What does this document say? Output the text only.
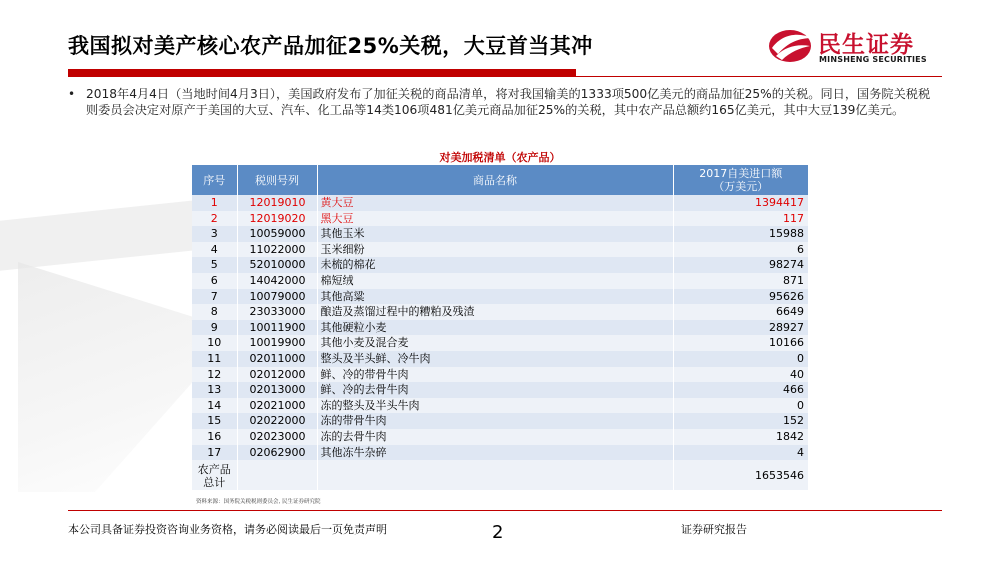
我国拟对美产核心农产品加征25%关税，大豆首当其冲	民生证券
MINSHENG SECURITIES
• 2018年4月4日（当地时间4月3日），美国政府发布了加征关税的商品清单，将对我国输美的1333项500亿美元的商品加征25%的关税。同日，国务院关税税则委员会决定对原产于美国的大豆、汽车、化工品等14类106项481亿美元商品加征25%的关税，其中农产品总额约165亿美元，其中大豆139亿美元。
对美加税清单（农产品）
序号	税则号列	商品名称	2017自美进口额
（万美元）

1	12019010	黄大豆	1394417
2	12019020	黑大豆	117
3	10059000	其他玉米	15988
4	11022000	玉米细粉	6
5	52010000	未梳的棉花	98274
6	14042000	棉短绒	871
7	10079000	其他高粱	95626
8	23033000	酿造及蒸馏过程中的糟粕及残渣	6649
9	10011900	其他硬粒小麦	28927
10	10019900	其他小麦及混合麦	10166
11	02011000	整头及半头鲜、冷牛肉	0
12	02012000	鲜、冷的带骨牛肉	40
13	02013000	鲜、冷的去骨牛肉	466
14	02021000	冻的整头及半头牛肉	0
15	02022000	冻的带骨牛肉	152
16	02023000	冻的去骨牛肉	1842
17	02062900	其他冻牛杂碎	4

农产品
总计			1653546
资料来源：国务院关税税则委员会, 民生证券研究院
本公司具备证券投资咨询业务资格，请务必阅读最后一页免责声明	2	证券研究报告
